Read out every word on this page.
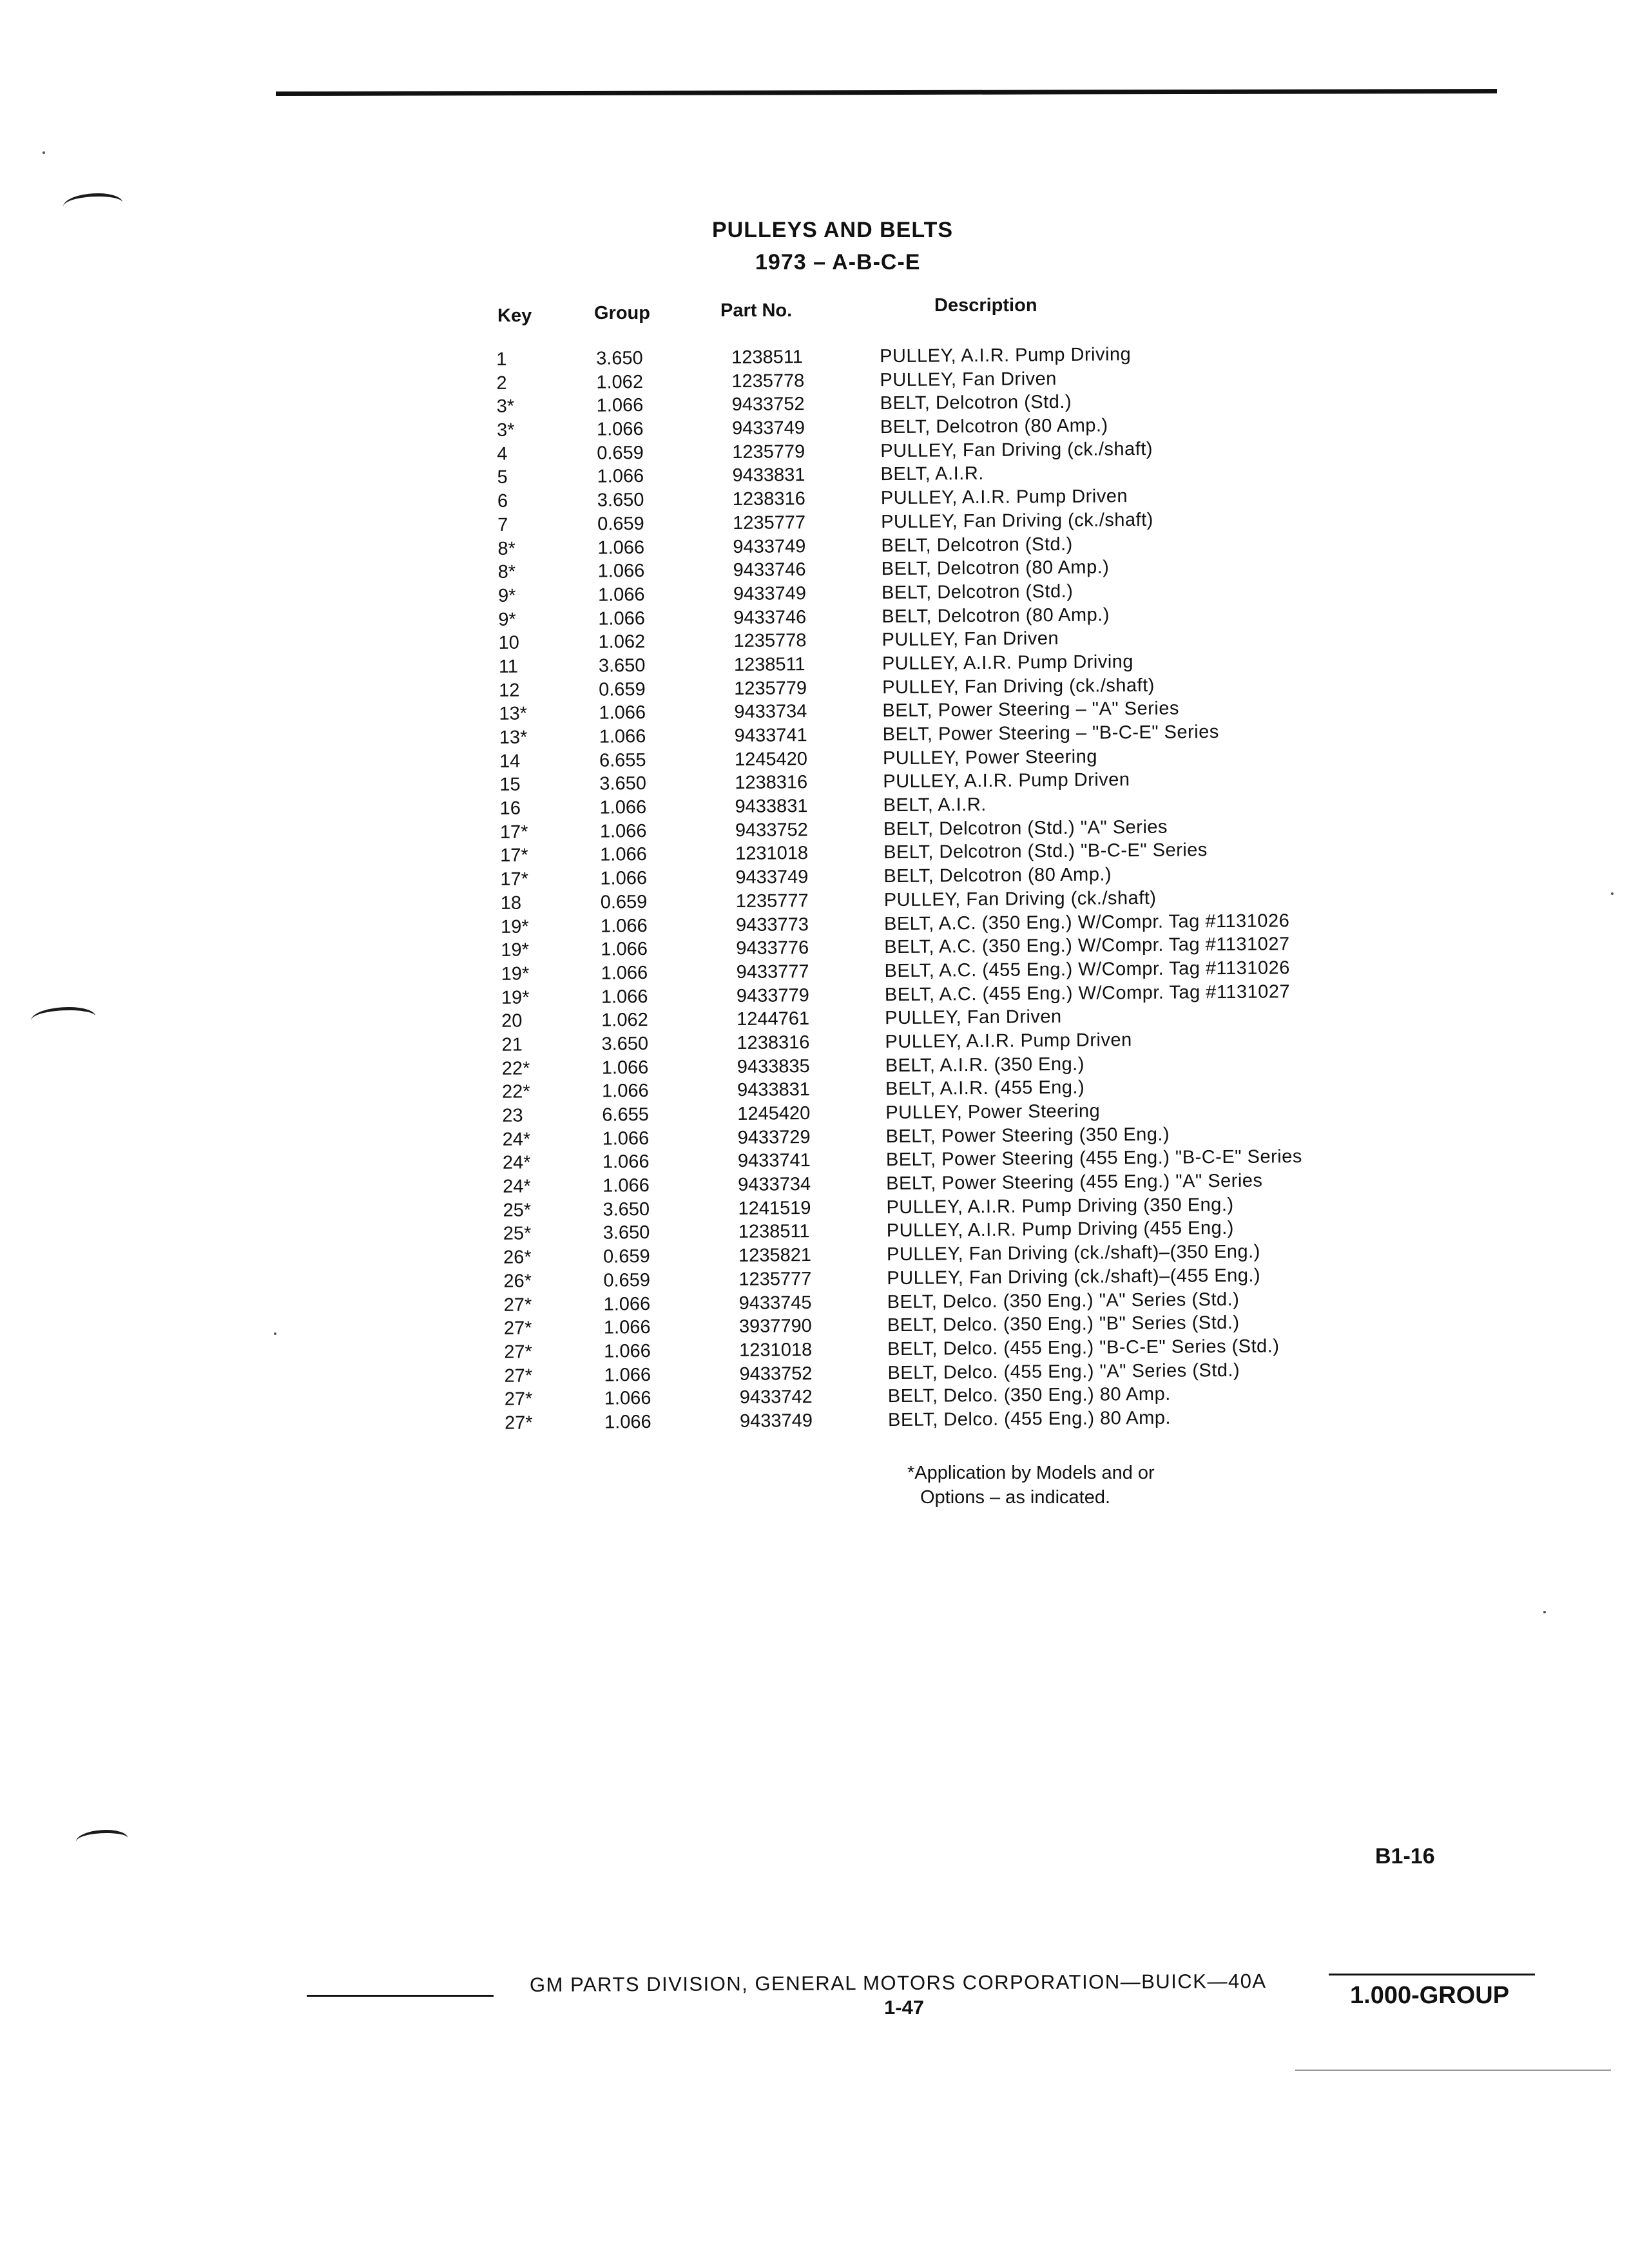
PULLEYS AND BELTS
1973 – A-B-C-E
Key	Group	Part No.	Description
1	3.650	1238511	PULLEY, A.I.R. Pump Driving
2	1.062	1235778	PULLEY, Fan Driven
3*	1.066	9433752	BELT, Delcotron (Std.)
3*	1.066	9433749	BELT, Delcotron (80 Amp.)
4	0.659	1235779	PULLEY, Fan Driving (ck./shaft)
5	1.066	9433831	BELT, A.I.R.
6	3.650	1238316	PULLEY, A.I.R. Pump Driven
7	0.659	1235777	PULLEY, Fan Driving (ck./shaft)
8*	1.066	9433749	BELT, Delcotron (Std.)
8*	1.066	9433746	BELT, Delcotron (80 Amp.)
9*	1.066	9433749	BELT, Delcotron (Std.)
9*	1.066	9433746	BELT, Delcotron (80 Amp.)
10	1.062	1235778	PULLEY, Fan Driven
11	3.650	1238511	PULLEY, A.I.R. Pump Driving
12	0.659	1235779	PULLEY, Fan Driving (ck./shaft)
13*	1.066	9433734	BELT, Power Steering – "A" Series
13*	1.066	9433741	BELT, Power Steering – "B-C-E" Series
14	6.655	1245420	PULLEY, Power Steering
15	3.650	1238316	PULLEY, A.I.R. Pump Driven
16	1.066	9433831	BELT, A.I.R.
17*	1.066	9433752	BELT, Delcotron (Std.) "A" Series
17*	1.066	1231018	BELT, Delcotron (Std.) "B-C-E" Series
17*	1.066	9433749	BELT, Delcotron (80 Amp.)
18	0.659	1235777	PULLEY, Fan Driving (ck./shaft)
19*	1.066	9433773	BELT, A.C. (350 Eng.) W/Compr. Tag #1131026
19*	1.066	9433776	BELT, A.C. (350 Eng.) W/Compr. Tag #1131027
19*	1.066	9433777	BELT, A.C. (455 Eng.) W/Compr. Tag #1131026
19*	1.066	9433779	BELT, A.C. (455 Eng.) W/Compr. Tag #1131027
20	1.062	1244761	PULLEY, Fan Driven
21	3.650	1238316	PULLEY, A.I.R. Pump Driven
22*	1.066	9433835	BELT, A.I.R. (350 Eng.)
22*	1.066	9433831	BELT, A.I.R. (455 Eng.)
23	6.655	1245420	PULLEY, Power Steering
24*	1.066	9433729	BELT, Power Steering (350 Eng.)
24*	1.066	9433741	BELT, Power Steering (455 Eng.) "B-C-E" Series
24*	1.066	9433734	BELT, Power Steering (455 Eng.) "A" Series
25*	3.650	1241519	PULLEY, A.I.R. Pump Driving (350 Eng.)
25*	3.650	1238511	PULLEY, A.I.R. Pump Driving (455 Eng.)
26*	0.659	1235821	PULLEY, Fan Driving (ck./shaft)–(350 Eng.)
26*	0.659	1235777	PULLEY, Fan Driving (ck./shaft)–(455 Eng.)
27*	1.066	9433745	BELT, Delco. (350 Eng.) "A" Series (Std.)
27*	1.066	3937790	BELT, Delco. (350 Eng.) "B" Series (Std.)
27*	1.066	1231018	BELT, Delco. (455 Eng.) "B-C-E" Series (Std.)
27*	1.066	9433752	BELT, Delco. (455 Eng.) "A" Series (Std.)
27*	1.066	9433742	BELT, Delco. (350 Eng.) 80 Amp.
27*	1.066	9433749	BELT, Delco. (455 Eng.) 80 Amp.
*Application by Models and or
Options – as indicated.
B1-16
GM PARTS DIVISION, GENERAL MOTORS CORPORATION—BUICK—40A
1-47	1.000-GROUP
